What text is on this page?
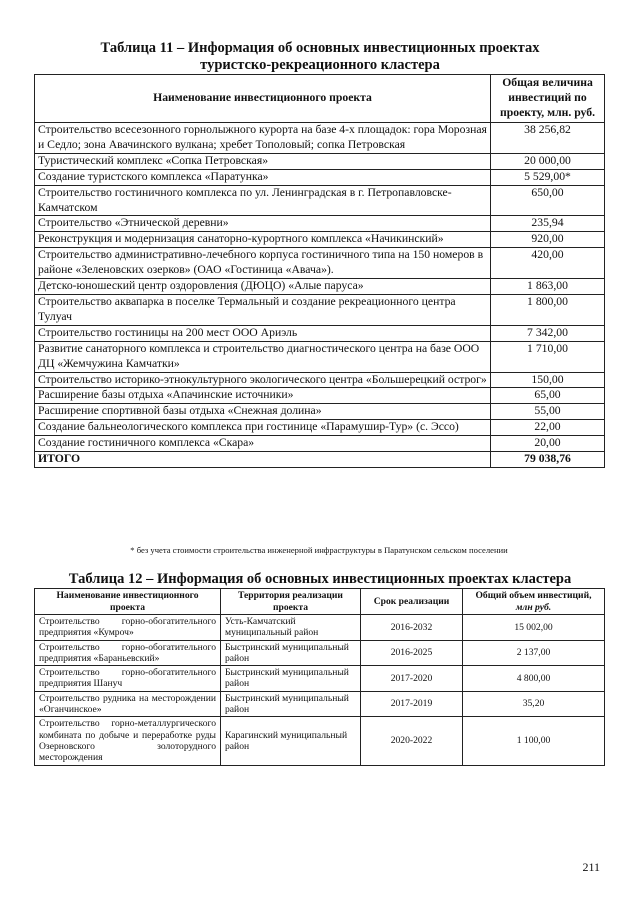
Таблица 11 – Информация об основных инвестиционных проектах
туристско-рекреационного кластера
Наименование инвестиционного проекта	Общая величина инвестиций по проекту, млн. руб.
Строительство всесезонного горнолыжного курорта на базе 4-х площадок: гора Морозная и Седло; зона Авачинского вулкана; хребет Тополовый; сопка Петровская	38 256,82
Туристический комплекс «Сопка Петровская»	20 000,00
Создание туристского комплекса «Паратунка»	5 529,00*
Строительство гостиничного комплекса по ул. Ленинградская в г. Петропавловске-Камчатском	650,00
Строительство «Этнической деревни»	235,94
Реконструкция и модернизация санаторно-курортного комплекса «Начикинский»	920,00
Строительство административно-лечебного корпуса гостиничного типа на 150 номеров в районе «Зеленовских озерков» (ОАО «Гостиница «Авача»).	420,00
Детско-юношеский центр оздоровления (ДЮЦО) «Алые паруса»	1 863,00
Строительство аквапарка в поселке Термальный и создание рекреационного центра Тулуач	1 800,00
Строительство гостиницы на 200 мест ООО Ариэль	7 342,00
Развитие санаторного комплекса и строительство диагностического центра на базе ООО ДЦ «Жемчужина Камчатки»	1 710,00
Строительство историко-этнокультурного экологического центра «Большерецкий острог»	150,00
Расширение базы отдыха «Апачинские источники»	65,00
Расширение спортивной базы отдыха «Снежная долина»	55,00
Создание бальнеологического комплекса при гостинице «Парамушир-Тур» (с. Эссо)	22,00
Создание гостиничного комплекса «Скара»	20,00
ИТОГО	79 038,76
* без учета стоимости строительства инженерной инфраструктуры в Паратунском сельском поселении
Таблица 12 – Информация об основных инвестиционных проектах кластера
Наименование инвестиционного проекта	Территория реализации проекта	Срок реализации	Общий объем инвестиций, млн руб.
Строительство горно-обогатительного предприятия «Кумроч»	Усть-Камчатский муниципальный район	2016-2032	15 002,00
Строительство горно-обогатительного предприятия «Бараньевский»	Быстринский муниципальный район	2016-2025	2 137,00
Строительство горно-обогатительного предприятия Шануч	Быстринский муниципальный район	2017-2020	4 800,00
Строительство рудника на месторождении «Оганчинское»	Быстринский муниципальный район	2017-2019	35,20
Строительство горно-металлургического комбината по добыче и переработке руды Озерновского золоторудного месторождения	Карагинский муниципальный район	2020-2022	1 100,00
211
